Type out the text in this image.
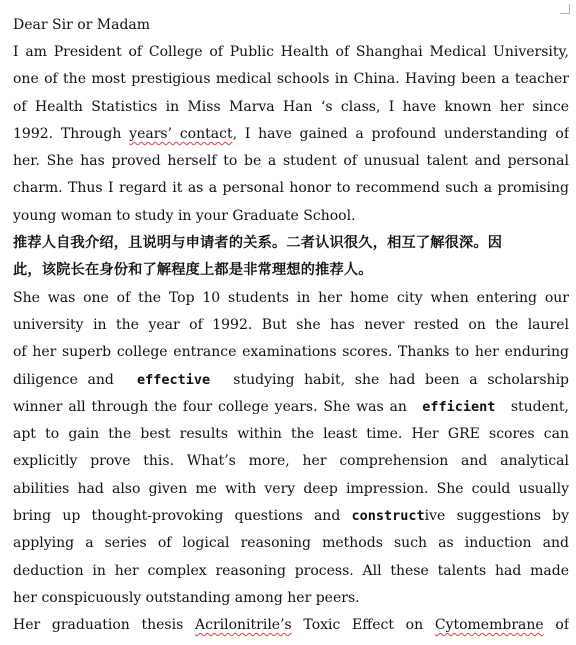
Dear Sir or Madam
I am President of College of Public Health of Shanghai Medical University,
one of the most prestigious medical schools in China. Having been a teacher
of Health Statistics in Miss Marva Han ‘s class, I have known her since
1992. Through years’ contact, I have gained a profound understanding of
her. She has proved herself to be a student of unusual talent and personal
charm. Thus I regard it as a personal honor to recommend such a promising
young woman to study in your Graduate School.
推荐人自我介绍，且说明与申请者的关系。二者认识很久，相互了解很深。因
此，该院长在身份和了解程度上都是非常理想的推荐人。
She was one of the Top 10 students in her home city when entering our
university in the year of 1992. But she has never rested on the laurel
of her superb college entrance examinations scores. Thanks to her enduring
diligence and  effective  studying habit, she had been a scholarship
winner all through the four college years. She was an  efficient  student,
apt to gain the best results within the least time. Her GRE scores can
explicitly prove this. What’s more, her comprehension and analytical
abilities had also given me with very deep impression. She could usually
bring up thought-provoking questions and constructive suggestions by
applying a series of logical reasoning methods such as induction and
deduction in her complex reasoning process. All these talents had made
her conspicuously outstanding among her peers.
Her graduation thesis Acrilonitrile’s Toxic Effect on Cytomembrane of
